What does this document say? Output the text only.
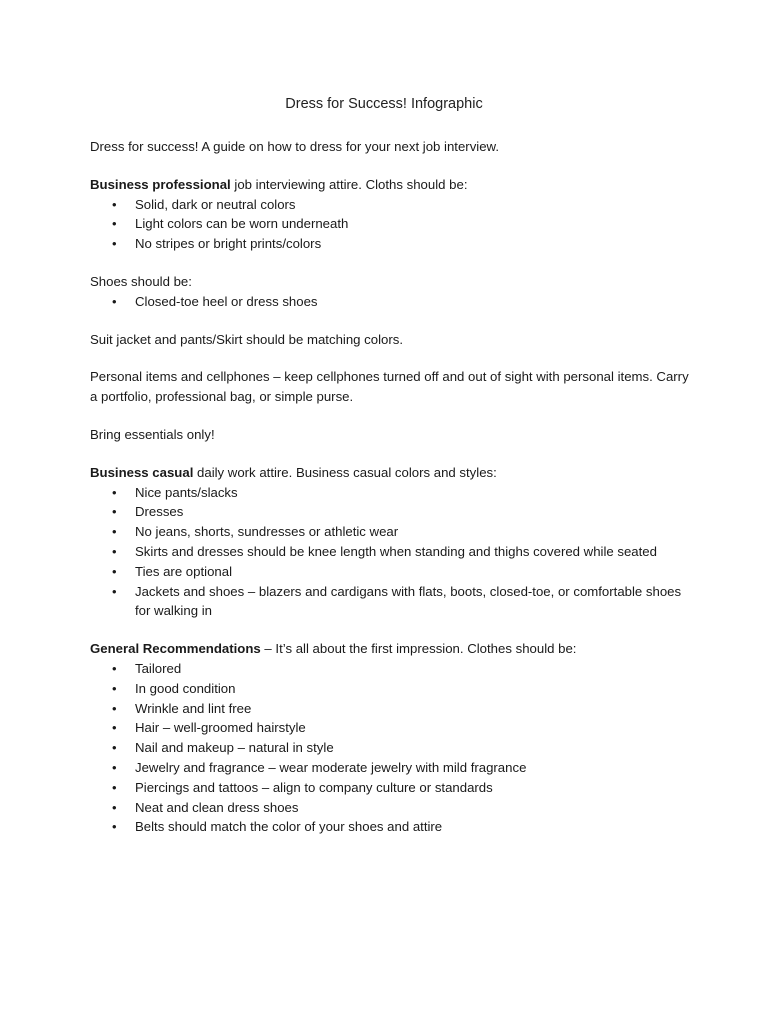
Dress for Success! Infographic

Dress for success! A guide on how to dress for your next job interview.

Business professional job interviewing attire. Cloths should be:

• Solid, dark or neutral colors
• Light colors can be worn underneath
• No stripes or bright prints/colors

Shoes should be:

• Closed-toe heel or dress shoes

Suit jacket and pants/Skirt should be matching colors.

Personal items and cellphones – keep cellphones turned off and out of sight with personal items. Carry a portfolio, professional bag, or simple purse.

Bring essentials only!

Business casual daily work attire. Business casual colors and styles:

• Nice pants/slacks
• Dresses
• No jeans, shorts, sundresses or athletic wear
• Skirts and dresses should be knee length when standing and thighs covered while seated
• Ties are optional
• Jackets and shoes – blazers and cardigans with flats, boots, closed-toe, or comfortable shoes for walking in

General Recommendations – It’s all about the first impression. Clothes should be:

• Tailored
• In good condition
• Wrinkle and lint free
• Hair – well-groomed hairstyle
• Nail and makeup – natural in style
• Jewelry and fragrance – wear moderate jewelry with mild fragrance
• Piercings and tattoos – align to company culture or standards
• Neat and clean dress shoes
• Belts should match the color of your shoes and attire
